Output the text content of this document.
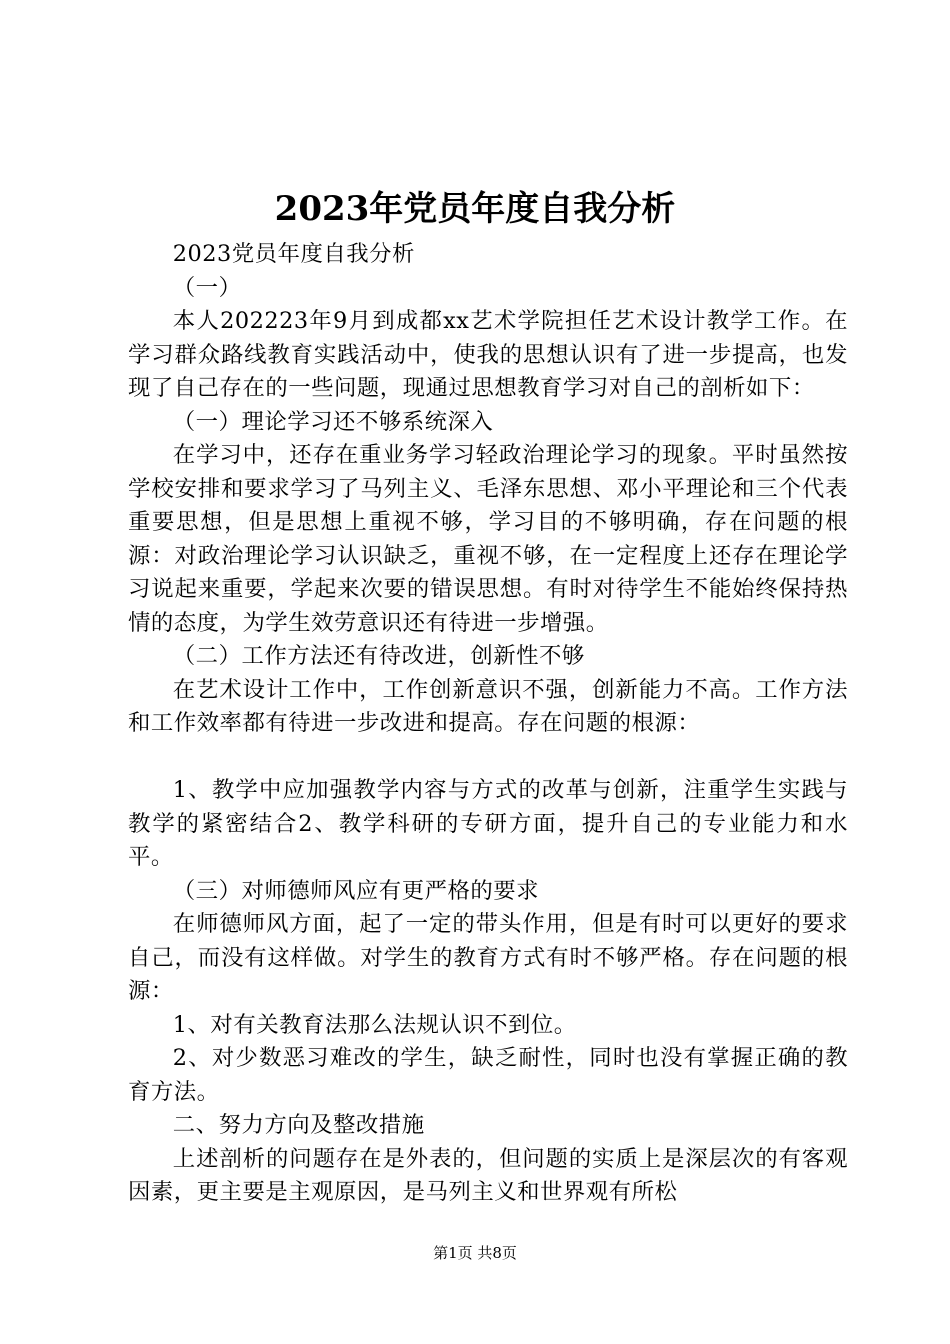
2023年党员年度自我分析

2023党员年度自我分析

（一）

本人202223年9月到成都xx艺术学院担任艺术设计教学工作。在学习群众路线教育实践活动中，使我的思想认识有了进一步提高，也发现了自己存在的一些问题，现通过思想教育学习对自己的剖析如下：

（一）理论学习还不够系统深入

在学习中，还存在重业务学习轻政治理论学习的现象。平时虽然按学校安排和要求学习了马列主义、毛泽东思想、邓小平理论和三个代表重要思想，但是思想上重视不够，学习目的不够明确，存在问题的根源：对政治理论学习认识缺乏，重视不够，在一定程度上还存在理论学习说起来重要，学起来次要的错误思想。有时对待学生不能始终保持热情的态度，为学生效劳意识还有待进一步增强。

（二）工作方法还有待改进，创新性不够

在艺术设计工作中，工作创新意识不强，创新能力不高。工作方法和工作效率都有待进一步改进和提高。存在问题的根源：

1、教学中应加强教学内容与方式的改革与创新，注重学生实践与教学的紧密结合2、教学科研的专研方面，提升自己的专业能力和水平。

（三）对师德师风应有更严格的要求

在师德师风方面，起了一定的带头作用，但是有时可以更好的要求自己，而没有这样做。对学生的教育方式有时不够严格。存在问题的根源：

1、对有关教育法那么法规认识不到位。

2、对少数恶习难改的学生，缺乏耐性，同时也没有掌握正确的教育方法。

二、努力方向及整改措施

上述剖析的问题存在是外表的，但问题的实质上是深层次的有客观因素，更主要是主观原因，是马列主义和世界观有所松

第1页 共8页
